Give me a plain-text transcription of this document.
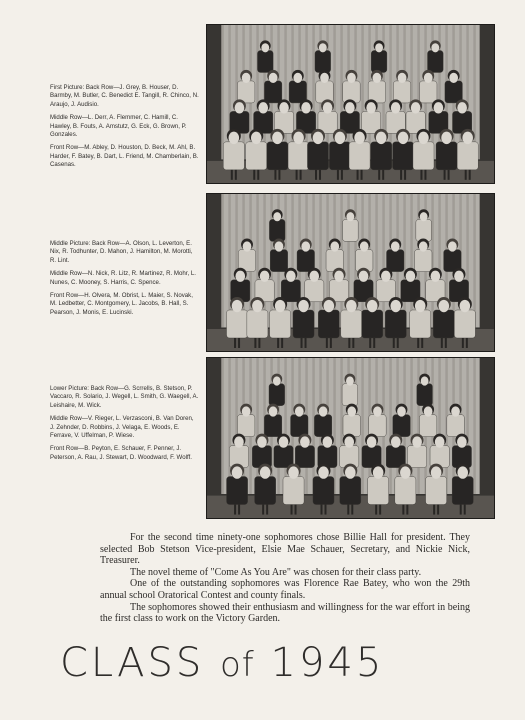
First Picture: Back Row—J. Grey, B. Houser, D. Barmby, M. Butler, C. Benedict E. Tangill, R. Chinco, N. Araujo, J. Audisio.

Middle Row—L. Derr, A. Flemmer, C. Hamill, C. Hawley, B. Fouts, A. Amstutz, G. Eck, G. Brown, P. Gonzales.

Front Row—M. Abley, D. Houston, D. Beck, M. Ahl, B. Harder, F. Batey, B. Dart, L. Friend, M. Chamberlain, B. Casenas.

Middle Picture: Back Row—A. Olson, L. Leverton, E. Nix, R. Todhunter, D. Mahon, J. Hamilton, M. Morotti, R. Lint.

Middle Row—N. Nick, R. Litz, R. Martinez, R. Mohr, L. Nunes, C. Mooney, S. Harris, C. Spence.

Front Row—H. Olvera, M. Obrist, L. Maier, S. Novak, M. Ledbetter, C. Montgomery, L. Jacobs, B. Hall, S. Pearson, J. Monis, E. Lucinski.

Lower Picture: Back Row—G. Scrrells, B. Stetson, P. Vaccaro, R. Solario, J. Wegell, L. Smith, G. Waegell, A. Leishaire, M. Wick.

Middle Row—V. Rieger, L. Verzasconi, B. Van Doren, J. Zehnder, D. Robbins, J. Velaga, E. Woods, E. Ferrave, V. Uffelman, P. Wiese.

Front Row—B. Peyton, E. Schauer, F. Penner, J. Peterson, A. Rau, J. Stewart, D. Woodward, F. Wolff.

For the second time ninety-one sophomores chose Billie Hall for president. They selected Bob Stetson Vice-president, Elsie Mae Schauer, Secretary, and Nickie Nick, Treasurer.

The novel theme of "Come As You Are" was chosen for their class party.

One of the outstanding sophomores was Florence Rae Batey, who won the 29th annual school Oratorical Contest and county finals.

The sophomores showed their enthusiasm and willingness for the war effort in being the first class to work on the Victory Garden.

CLASS of 1945
